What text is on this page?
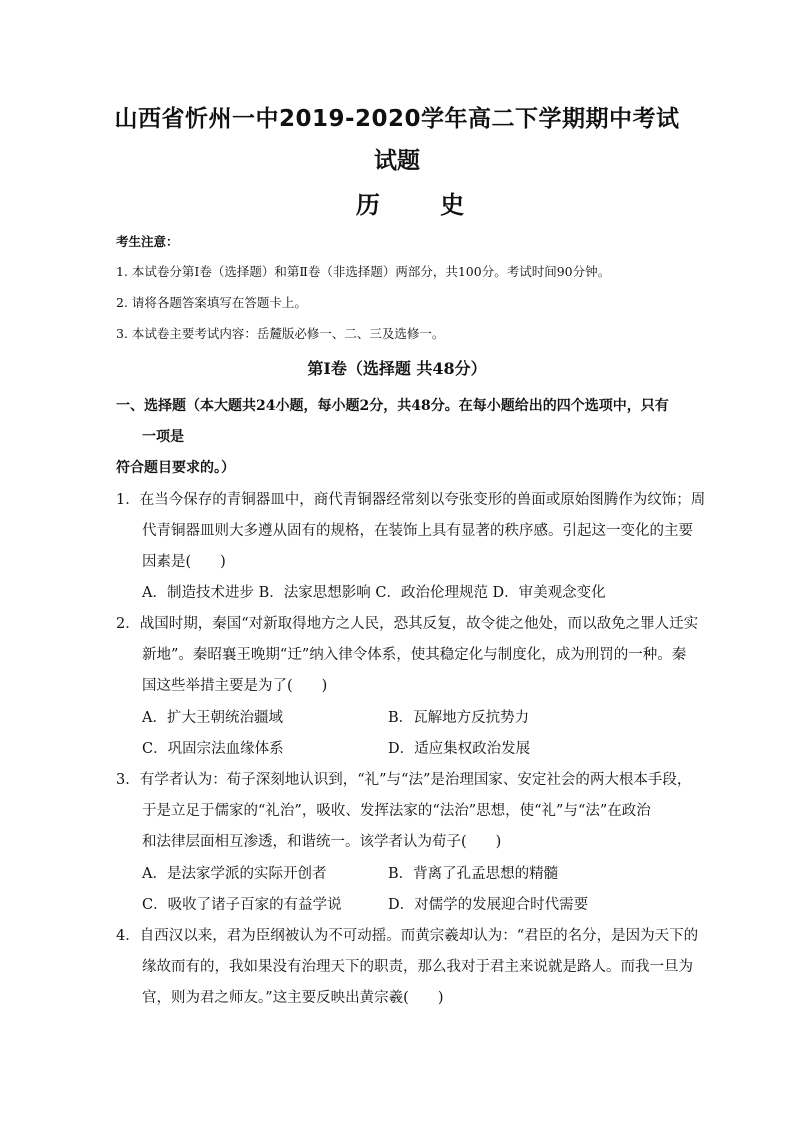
山西省忻州一中2019-2020学年高二下学期期中考试
试题
历 史
考生注意：
1. 本试卷分第Ⅰ卷（选择题）和第Ⅱ卷（非选择题）两部分，共100分。考试时间90分钟。
2. 请将各题答案填写在答题卡上。
3. 本试卷主要考试内容：岳麓版必修一、二、三及选修一。
第Ⅰ卷（选择题 共48分）
一、选择题（本大题共24小题，每小题2分，共48分。在每小题给出的四个选项中，只有
一项是
符合题目要求的。）
1．在当今保存的青铜器皿中，商代青铜器经常刻以夸张变形的兽面或原始图腾作为纹饰；周
代青铜器皿则大多遵从固有的规格，在装饰上具有显著的秩序感。引起这一变化的主要
因素是(　　)
A．制造技术进步 B．法家思想影响 C．政治伦理规范 D．审美观念变化
2．战国时期，秦国“对新取得地方之人民，恐其反复，故令徙之他处，而以敌免之罪人迁实
新地”。秦昭襄王晚期“迁”纳入律令体系，使其稳定化与制度化，成为刑罚的一种。秦
国这些举措主要是为了(　　)
A．扩大王朝统治疆域	B．瓦解地方反抗势力
C．巩固宗法血缘体系	D．适应集权政治发展
3．有学者认为：荀子深刻地认识到，“礼”与“法”是治理国家、安定社会的两大根本手段，
于是立足于儒家的“礼治”，吸收、发挥法家的“法治”思想，使“礼”与“法”在政治
和法律层面相互渗透，和谐统一。该学者认为荀子(　　)
A．是法家学派的实际开创者	B．背离了孔孟思想的精髓
C．吸收了诸子百家的有益学说	D．对儒学的发展迎合时代需要
4．自西汉以来，君为臣纲被认为不可动摇。而黄宗羲却认为：“君臣的名分，是因为天下的
缘故而有的，我如果没有治理天下的职责，那么我对于君主来说就是路人。而我一旦为
官，则为君之师友。”这主要反映出黄宗羲(　　)
